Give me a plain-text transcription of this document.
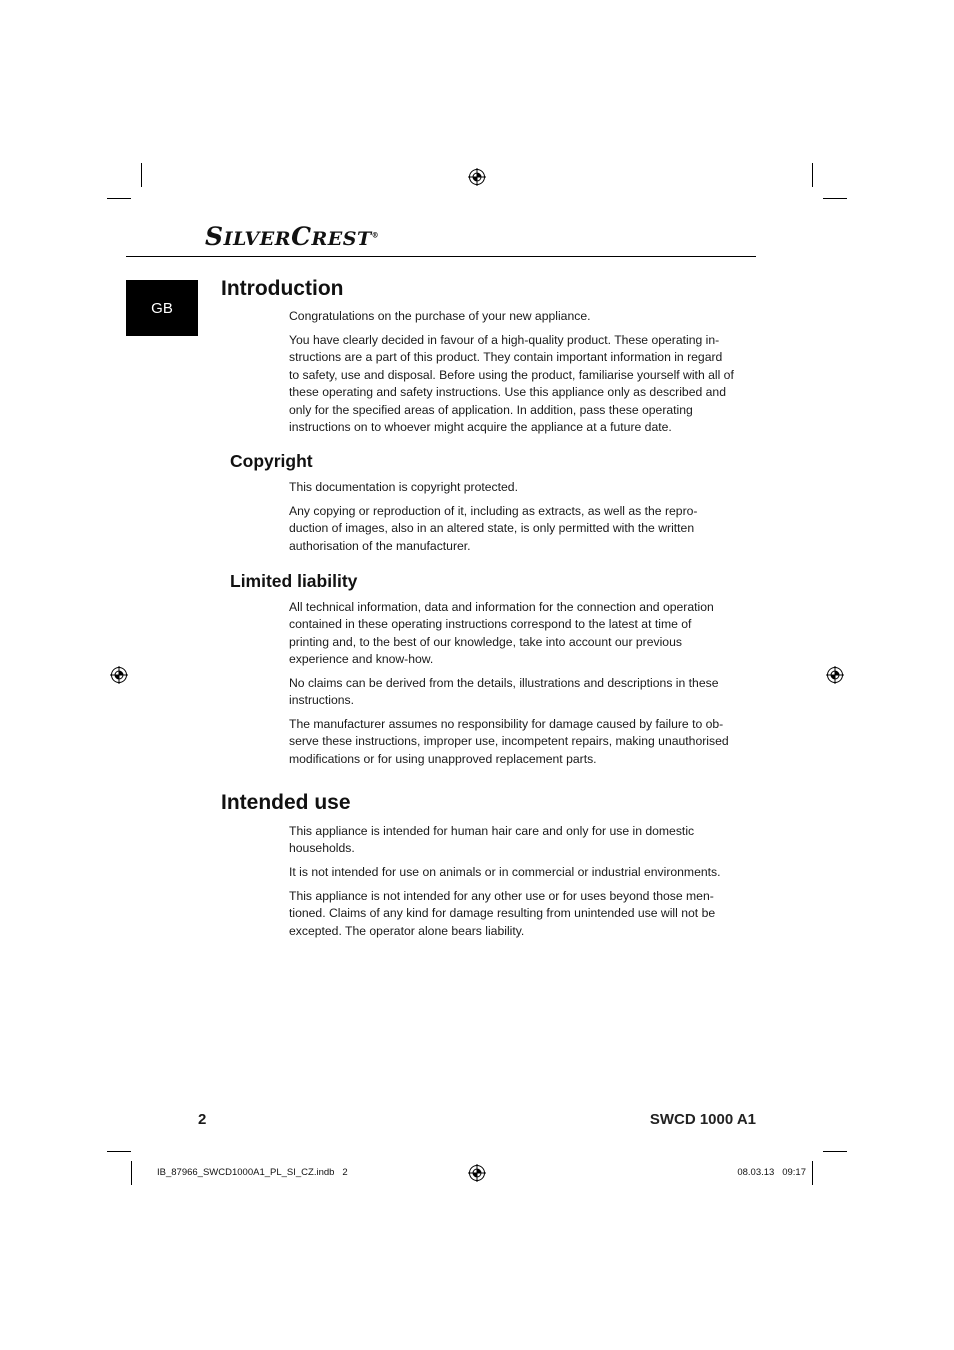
SILVERCREST®
GB
Introduction

Congratulations on the purchase of your new appliance.

You have clearly decided in favour of a high-quality product. These operating in-structions are a part of this product. They contain important information in regard to safety, use and disposal. Before using the product, familiarise yourself with all of these operating and safety instructions. Use this appliance only as described and only for the specified areas of application. In addition, pass these operating instructions on to whoever might acquire the appliance at a future date.

Copyright

This documentation is copyright protected.

Any copying or reproduction of it, including as extracts, as well as the repro-duction of images, also in an altered state, is only permitted with the written authorisation of the manufacturer.

Limited liability

All technical information, data and information for the connection and operation contained in these operating instructions correspond to the latest at time of printing and, to the best of our knowledge, take into account our previous experience and know-how.

No claims can be derived from the details, illustrations and descriptions in these instructions.

The manufacturer assumes no responsibility for damage caused by failure to ob-serve these instructions, improper use, incompetent repairs, making unauthorised modifications or for using unapproved replacement parts.

Intended use

This appliance is intended for human hair care and only for use in domestic households.

It is not intended for use on animals or in commercial or industrial environments.

This appliance is not intended for any other use or for uses beyond those men-tioned. Claims of any kind for damage resulting from unintended use will not be excepted. The operator alone bears liability.

2	SWCD 1000 A1
IB_87966_SWCD1000A1_PL_SI_CZ.indb   2	08.03.13   09:17
